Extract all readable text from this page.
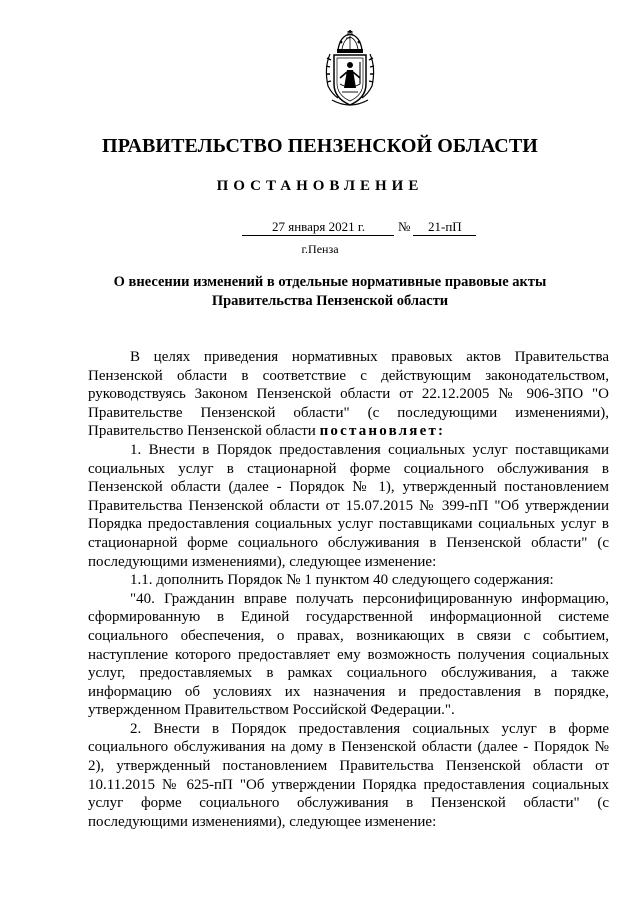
ПРАВИТЕЛЬСТВО ПЕНЗЕНСКОЙ ОБЛАСТИ
ПОСТАНОВЛЕНИЕ
27 января 2021 г.	№ 21-пП
г.Пенза
О внесении изменений в отдельные нормативные правовые акты
Правительства Пензенской области

В целях приведения нормативных правовых актов Правительства Пензенской области в соответствие с действующим законодательством, руководствуясь Законом Пензенской области от 22.12.2005 № 906-ЗПО "О Правительстве Пензенской области" (с последующими изменениями), Правительство Пензенской области постановляет:

1. Внести в Порядок предоставления социальных услуг поставщиками социальных услуг в стационарной форме социального обслуживания в Пензенской области (далее - Порядок № 1), утвержденный постановлением Правительства Пензенской области от 15.07.2015 № 399-пП "Об утверждении Порядка предоставления социальных услуг поставщиками социальных услуг в стационарной форме социального обслуживания в Пензенской области" (с последующими изменениями), следующее изменение:

1.1. дополнить Порядок № 1 пунктом 40 следующего содержания:

"40. Гражданин вправе получать персонифицированную информацию, сформированную в Единой государственной информационной системе социального обеспечения, о правах, возникающих в связи с событием, наступление которого предоставляет ему возможность получения социальных услуг, предоставляемых в рамках социального обслуживания, а также информацию об условиях их назначения и предоставления в порядке, утвержденном Правительством Российской Федерации.".

2. Внести в Порядок предоставления социальных услуг в форме социального обслуживания на дому в Пензенской области (далее - Порядок № 2), утвержденный постановлением Правительства Пензенской области от 10.11.2015 № 625-пП "Об утверждении Порядка предоставления социальных услуг форме социального обслуживания в Пензенской области" (с последующими изменениями), следующее изменение:
